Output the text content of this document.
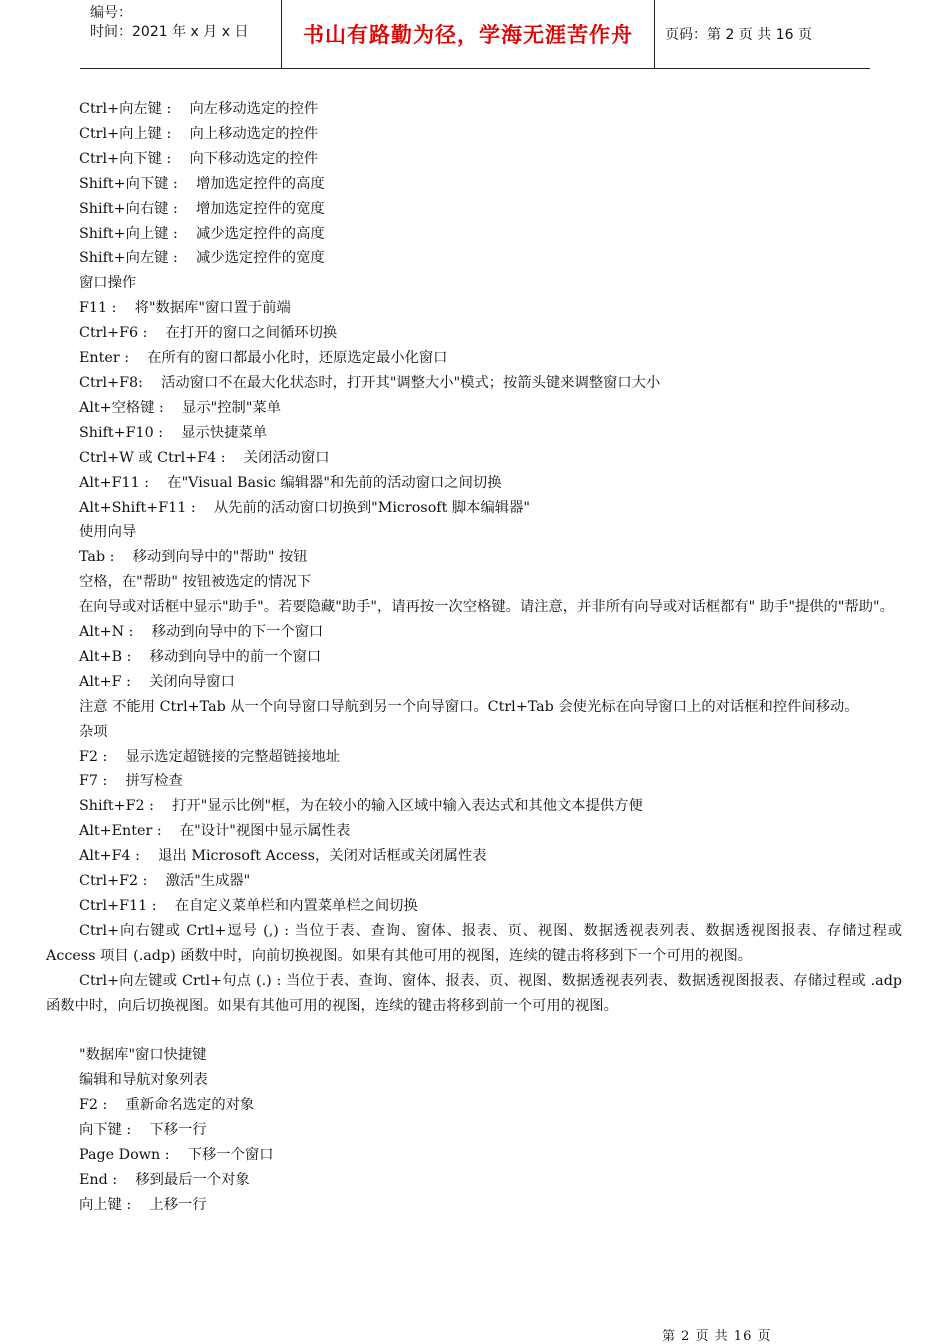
编号：
时间：2021 年 x 月 x 日	书山有路勤为径，学海无涯苦作舟	页码：第 2 页 共 16 页
Ctrl+向左键 :    向左移动选定的控件
Ctrl+向上键 :    向上移动选定的控件
Ctrl+向下键 :    向下移动选定的控件
Shift+向下键 :    增加选定控件的高度
Shift+向右键 :    增加选定控件的宽度
Shift+向上键 :    减少选定控件的高度
Shift+向左键 :    减少选定控件的宽度
窗口操作
F11 :    将"数据库"窗口置于前端
Ctrl+F6 :    在打开的窗口之间循环切换
Enter :    在所有的窗口都最小化时，还原选定最小化窗口
Ctrl+F8:    活动窗口不在最大化状态时，打开其"调整大小"模式；按箭头键来调整窗口大小
Alt+空格键 :    显示"控制"菜单
Shift+F10 :    显示快捷菜单
Ctrl+W 或 Ctrl+F4 :    关闭活动窗口
Alt+F11 :    在"Visual Basic 编辑器"和先前的活动窗口之间切换
Alt+Shift+F11 :    从先前的活动窗口切换到"Microsoft 脚本编辑器"
使用向导
Tab :    移动到向导中的"帮助" 按钮
空格，在"帮助" 按钮被选定的情况下
在向导或对话框中显示"助手"。若要隐藏"助手"，请再按一次空格键。请注意，并非所有向导或对话框都有" 助手"提供的"帮助"。
Alt+N :    移动到向导中的下一个窗口
Alt+B :    移动到向导中的前一个窗口
Alt+F :    关闭向导窗口
注意 不能用 Ctrl+Tab 从一个向导窗口导航到另一个向导窗口。Ctrl+Tab 会使光标在向导窗口上的对话框和控件间移动。
杂项
F2 :    显示选定超链接的完整超链接地址
F7 :    拼写检查
Shift+F2 :    打开"显示比例"框，为在较小的输入区域中输入表达式和其他文本提供方便
Alt+Enter :    在"设计"视图中显示属性表
Alt+F4 :    退出 Microsoft Access，关闭对话框或关闭属性表
Ctrl+F2 :    激活"生成器"
Ctrl+F11 :    在自定义菜单栏和内置菜单栏之间切换
Ctrl+向右键或 Crtl+逗号 (,) : 当位于表、查询、窗体、报表、页、视图、数据透视表列表、数据透视图报表、存储过程或 Access 项目 (.adp) 函数中时，向前切换视图。如果有其他可用的视图，连续的键击将移到下一个可用的视图。
Ctrl+向左键或 Crtl+句点 (.) : 当位于表、查询、窗体、报表、页、视图、数据透视表列表、数据透视图报表、存储过程或 .adp 函数中时，向后切换视图。如果有其他可用的视图，连续的键击将移到前一个可用的视图。
"数据库"窗口快捷键
编辑和导航对象列表
F2 :    重新命名选定的对象
向下键 :    下移一行
Page Down :    下移一个窗口
End :    移到最后一个对象
向上键 :    上移一行
第 2 页 共 16 页
